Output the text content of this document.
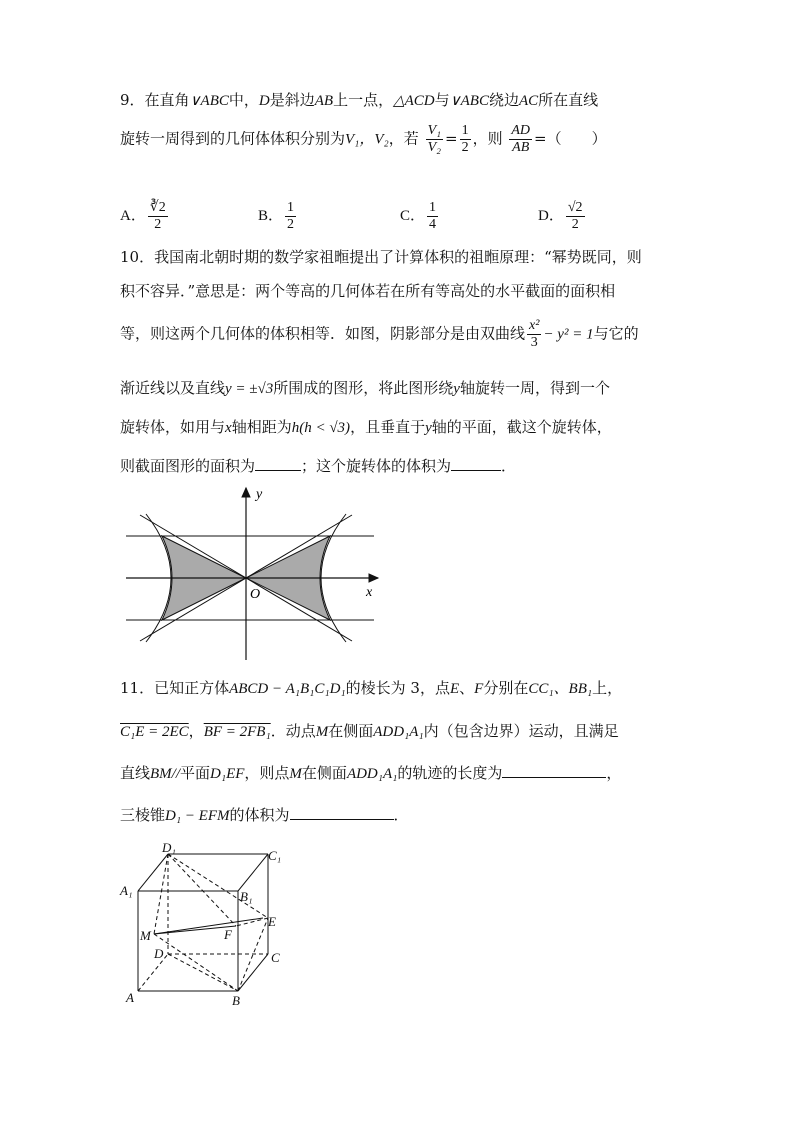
9．在直角∨ABC中，D是斜边AB上一点，△ACD与∨ABC绕边AC所在直线
旋转一周得到的几何体体积分别为V₁，V₂，若 $\frac{\text{V₁}}{\text{V₂}} = \frac{1}{2}$ ，则 $\frac{AD}{AB}$ =（　　）
A． $\frac{∛2}{2}$	B． $\frac{1}{2}$	C． $\frac{1}{4}$	D． $\frac{√2}{2}$
10．我国南北朝时期的数学家祖暅提出了计算体积的祖暅原理：“幂势既同，则
积不容异．”意思是：两个等高的几何体若在所有等高处的水平截面的面积相
等，则这两个几何体的体积相等．如图，阴影部分是由双曲线 $\frac{\text{x²}}{3} - y^2 = 1$与它的
渐近线以及直线y = ±√3所围成的图形，将此图形绕y轴旋转一周，得到一个
旋转体，如用与x轴相距为h(h < √3)，且垂直于y轴的平面，截这个旋转体，
则截面图形的面积为	；这个旋转体的体积为	．
y
x
O
11．已知正方体ABCD − A₁B₁C₁D₁的棱长为 3，点E、F分别在CC₁、BB₁上，
C₁E = 2EC，BF = 2FB₁．动点M在侧面ADD₁A₁内（包含边界）运动，且满足
直线BM//平面D₁EF，则点M在侧面ADD₁A₁的轨迹的长度为	，
三棱锥D₁ − EFM的体积为	．
D₁
C₁
A₁	B₁
E
M	F
D	C
A	B
